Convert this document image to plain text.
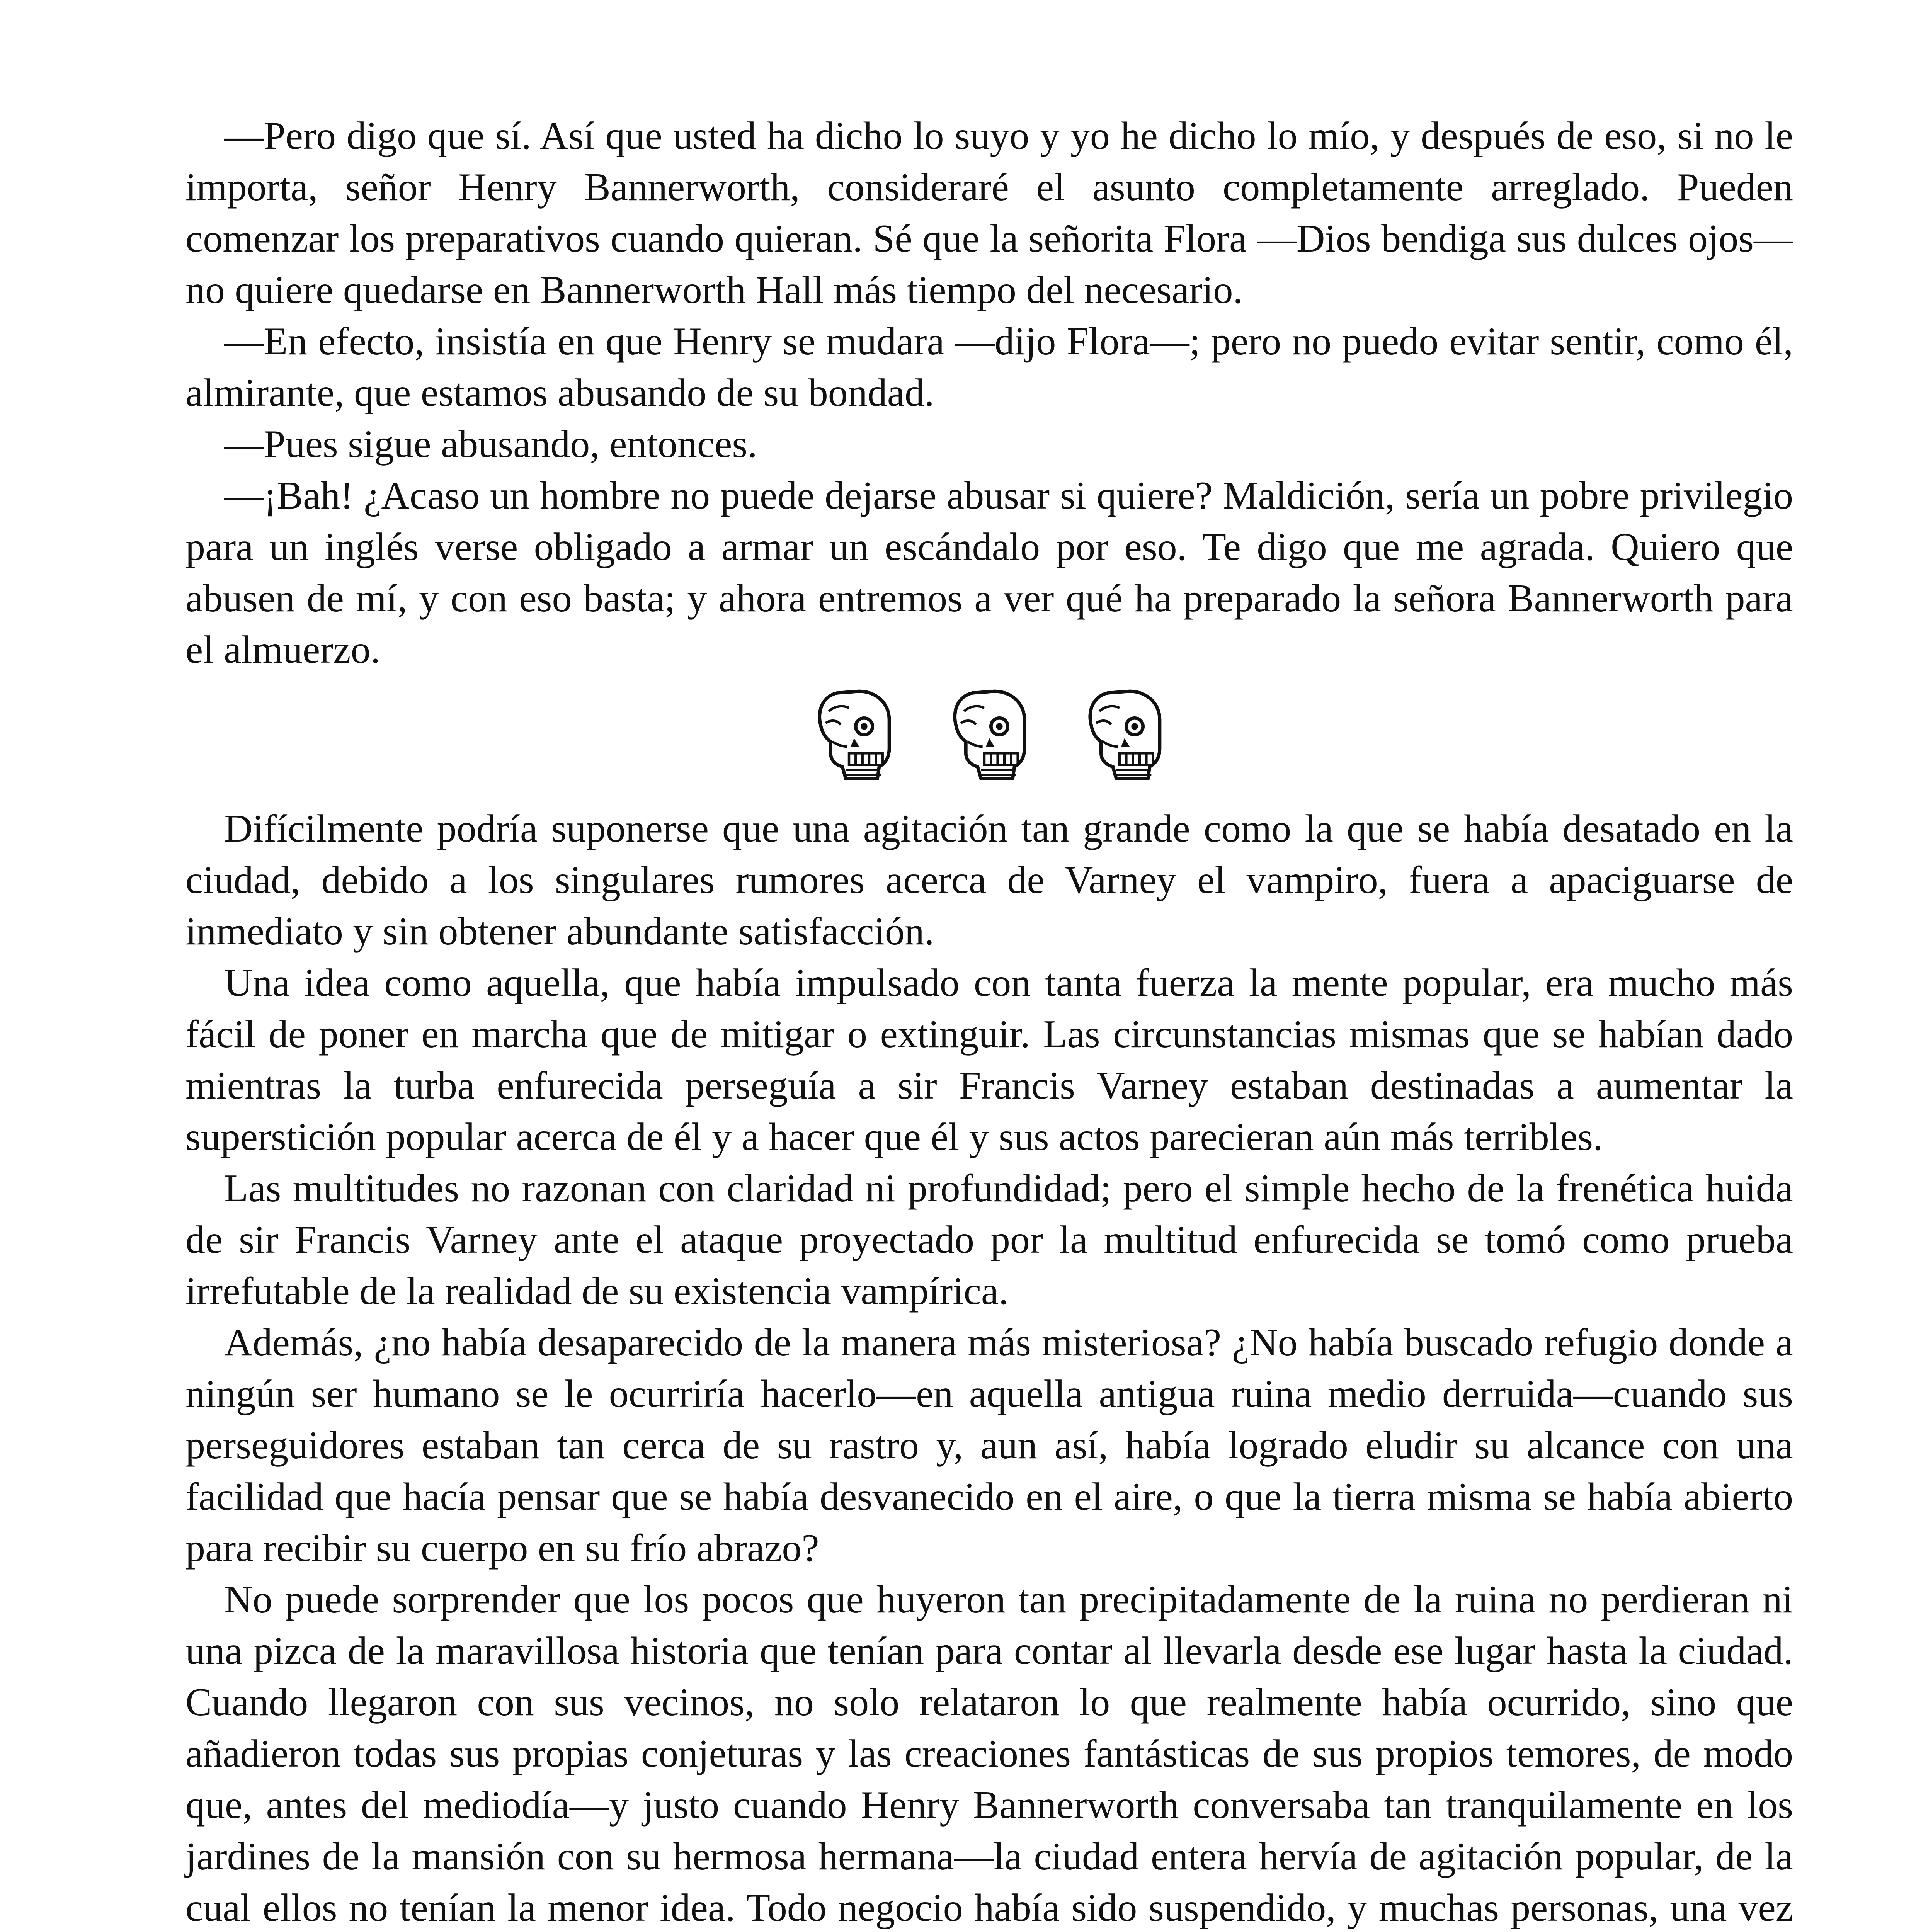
—Pero digo que sí. Así que usted ha dicho lo suyo y yo he dicho lo mío, y después de eso, si no le importa, señor Henry Bannerworth, consideraré el asunto completamente arreglado. Pueden comenzar los preparativos cuando quieran. Sé que la señorita Flora —Dios bendiga sus dulces ojos— no quiere quedarse en Bannerworth Hall más tiempo del necesario.

—En efecto, insistía en que Henry se mudara —dijo Flora—; pero no puedo evitar sentir, como él, almirante, que estamos abusando de su bondad.

—Pues sigue abusando, entonces.

—¡Bah! ¿Acaso un hombre no puede dejarse abusar si quiere? Maldición, sería un pobre privilegio para un inglés verse obligado a armar un escándalo por eso. Te digo que me agrada. Quiero que abusen de mí, y con eso basta; y ahora entremos a ver qué ha preparado la señora Bannerworth para el almuerzo.

Difícilmente podría suponerse que una agitación tan grande como la que se había desatado en la ciudad, debido a los singulares rumores acerca de Varney el vampiro, fuera a apaciguarse de inmediato y sin obtener abundante satisfacción.

Una idea como aquella, que había impulsado con tanta fuerza la mente popular, era mucho más fácil de poner en marcha que de mitigar o extinguir. Las circunstancias mismas que se habían dado mientras la turba enfurecida perseguía a sir Francis Varney estaban destinadas a aumentar la superstición popular acerca de él y a hacer que él y sus actos parecieran aún más terribles.

Las multitudes no razonan con claridad ni profundidad; pero el simple hecho de la frenética huida de sir Francis Varney ante el ataque proyectado por la multitud enfurecida se tomó como prueba irrefutable de la realidad de su existencia vampírica.

Además, ¿no había desaparecido de la manera más misteriosa? ¿No había buscado refugio donde a ningún ser humano se le ocurriría hacerlo—en aquella antigua ruina medio derruida—cuando sus perseguidores estaban tan cerca de su rastro y, aun así, había logrado eludir su alcance con una facilidad que hacía pensar que se había desvanecido en el aire, o que la tierra misma se había abierto para recibir su cuerpo en su frío abrazo?

No puede sorprender que los pocos que huyeron tan precipitadamente de la ruina no perdieran ni una pizca de la maravillosa historia que tenían para contar al llevarla desde ese lugar hasta la ciudad. Cuando llegaron con sus vecinos, no solo relataron lo que realmente había ocurrido, sino que añadieron todas sus propias conjeturas y las creaciones fantásticas de sus propios temores, de modo que, antes del mediodía—y justo cuando Henry Bannerworth conversaba tan tranquilamente en los jardines de la mansión con su hermosa hermana—la ciudad entera hervía de agitación popular, de la cual ellos no tenían la menor idea. Todo negocio había sido suspendido, y muchas personas, una vez
